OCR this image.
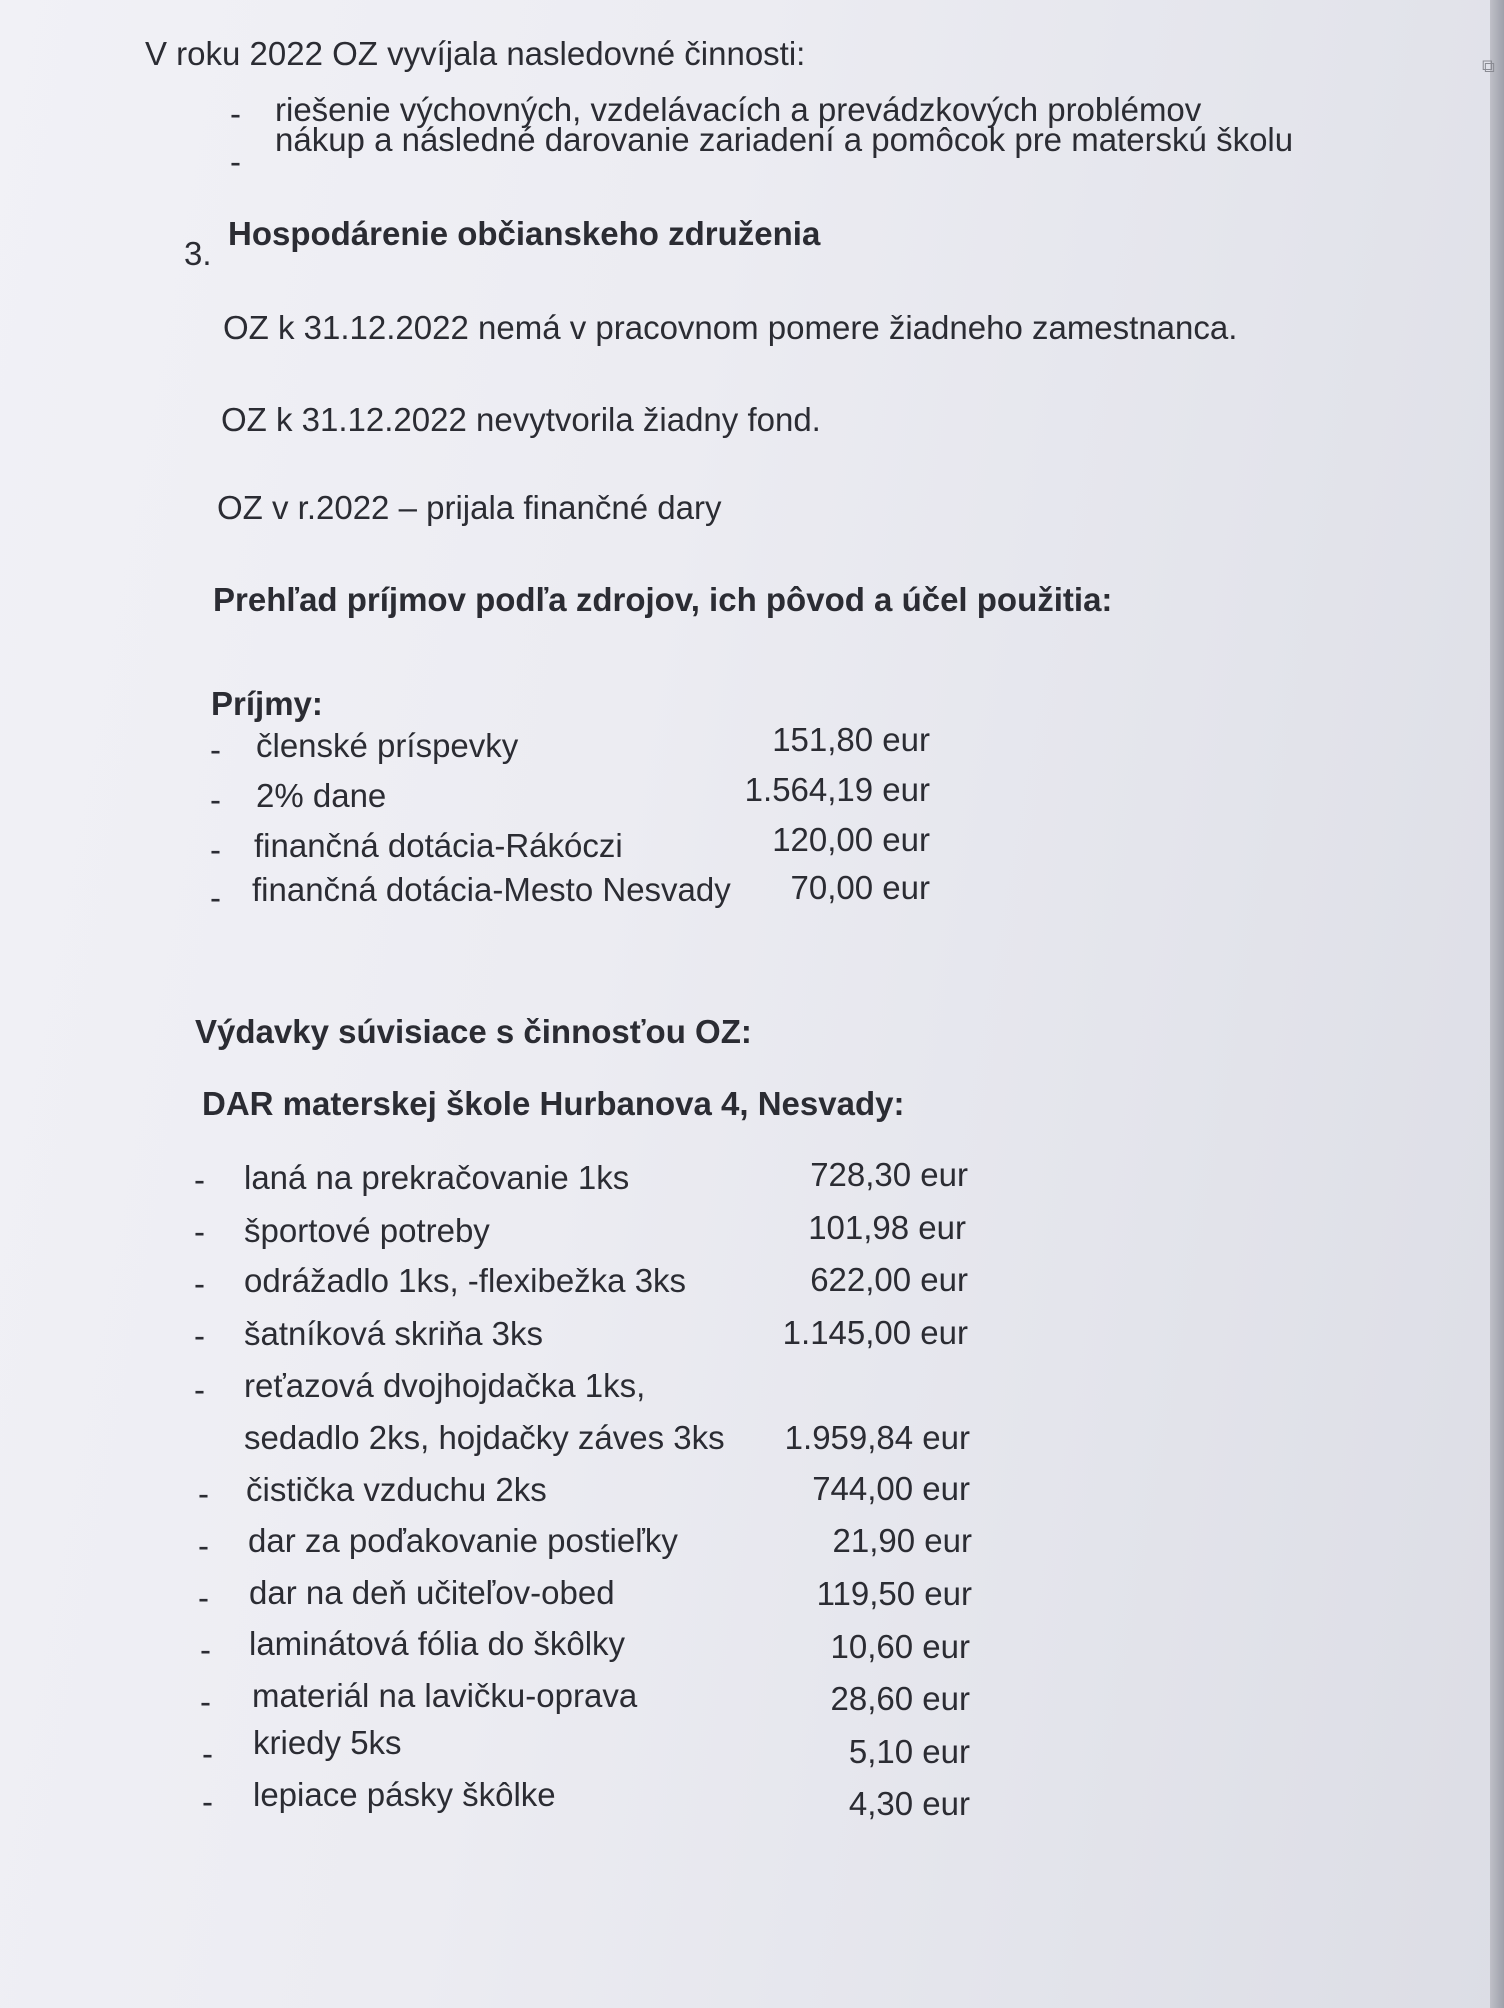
⧉
V roku 2022 OZ vyvíjala nasledovné činnosti:
- riešenie výchovných, vzdelávacích a prevádzkových problémov
-
nákup a následné darovanie zariadení a pomôcok pre materskú školu
3.
Hospodárenie občianskeho združenia
OZ k 31.12.2022 nemá v pracovnom pomere žiadneho zamestnanca.
OZ k 31.12.2022 nevytvorila žiadny fond.
OZ v r.2022 – prijala finančné dary
Prehľad príjmov podľa zdrojov, ich pôvod a účel použitia:
Príjmy:
- členské príspevky	151,80 eur
- 2% dane	1.564,19 eur
- finančná dotácia-Rákóczi	120,00 eur
- finančná dotácia-Mesto Nesvady	70,00 eur
Výdavky súvisiace s činnosťou OZ:
DAR materskej škole Hurbanova 4, Nesvady:
- laná na prekračovanie 1ks	728,30 eur
- športové potreby	101,98 eur
- odrážadlo 1ks, -flexibežka 3ks	622,00 eur
- šatníková skriňa 3ks	1.145,00 eur
- reťazová dvojhojdačka 1ks,
sedadlo 2ks, hojdačky záves 3ks	1.959,84 eur
- čistička vzduchu 2ks	744,00 eur
- dar za poďakovanie postieľky	21,90 eur
- dar na deň učiteľov-obed	119,50 eur
- laminátová fólia do škôlky	10,60 eur
- materiál na lavičku-oprava	28,60 eur
- kriedy 5ks	5,10 eur
- lepiace pásky škôlke	4,30 eur
